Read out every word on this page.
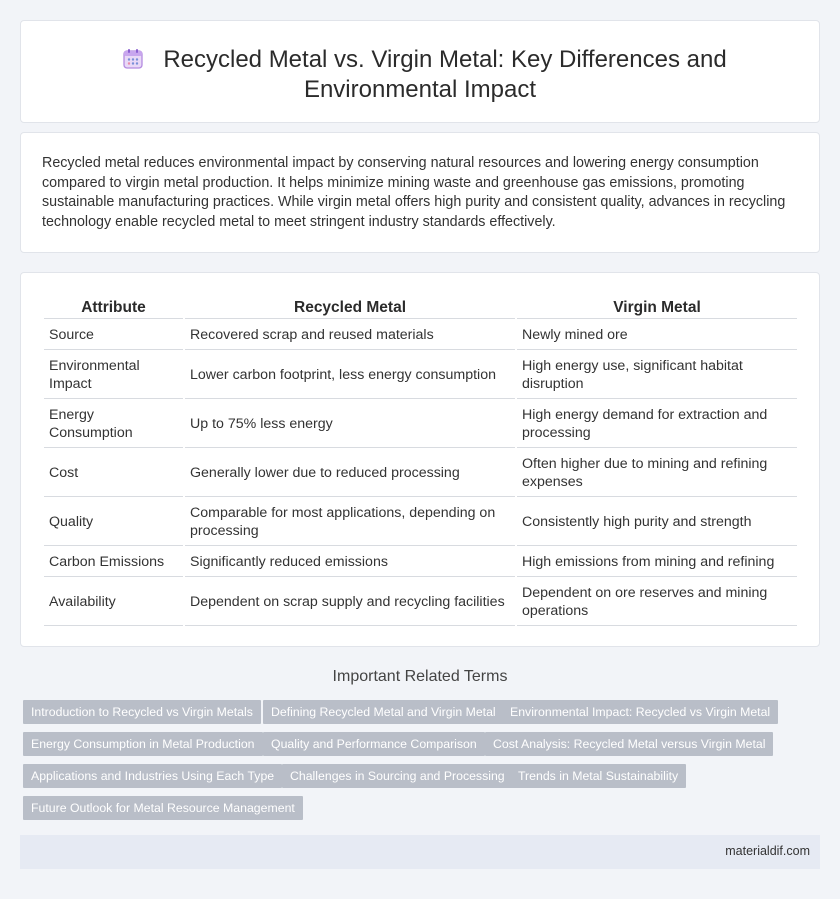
Recycled Metal vs. Virgin Metal: Key Differences and
Environmental Impact

Recycled metal reduces environmental impact by conserving natural resources and lowering energy consumption compared to virgin metal production. It helps minimize mining waste and greenhouse gas emissions, promoting sustainable manufacturing practices. While virgin metal offers high purity and consistent quality, advances in recycling technology enable recycled metal to meet stringent industry standards effectively.

Attribute	Recycled Metal	Virgin Metal
Source	Recovered scrap and reused materials	Newly mined ore
Environmental Impact	Lower carbon footprint, less energy consumption	High energy use, significant habitat disruption
Energy Consumption	Up to 75% less energy	High energy demand for extraction and processing
Cost	Generally lower due to reduced processing	Often higher due to mining and refining expenses
Quality	Comparable for most applications, depending on processing	Consistently high purity and strength
Carbon Emissions	Significantly reduced emissions	High emissions from mining and refining
Availability	Dependent on scrap supply and recycling facilities	Dependent on ore reserves and mining operations
Important Related Terms
Introduction to Recycled vs Virgin Metals	Defining Recycled Metal and Virgin Metal	Environmental Impact: Recycled vs Virgin Metal
Energy Consumption in Metal Production	Quality and Performance Comparison	Cost Analysis: Recycled Metal versus Virgin Metal
Applications and Industries Using Each Type	Challenges in Sourcing and Processing	Trends in Metal Sustainability
Future Outlook for Metal Resource Management
materialdif.com
